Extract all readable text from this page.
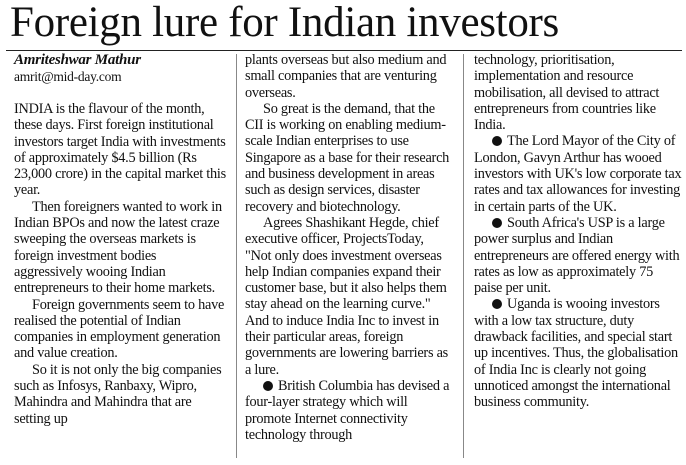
Foreign lure for Indian investors
Amriteshwar Mathur
amrit@mid-day.com

INDIA is the flavour of the month, these days. First foreign institutional investors target India with investments of approximately $4.5 billion (Rs 23,000 crore) in the capital market this year.

Then foreigners wanted to work in Indian BPOs and now the latest craze sweeping the overseas markets is foreign investment bodies aggressively wooing Indian entrepreneurs to their home markets.

Foreign governments seem to have realised the potential of Indian companies in employment generation and value creation.

So it is not only the big companies such as Infosys, Ranbaxy, Wipro, Mahindra and Mahindra that are setting up

plants overseas but also medium and small companies that are venturing overseas.

So great is the demand, that the CII is working on enabling medium-scale Indian enterprises to use Singapore as a base for their research and business development in areas such as design services, disaster recovery and biotechnology.

Agrees Shashikant Hegde, chief executive officer, ProjectsToday, "Not only does investment overseas help Indian companies expand their customer base, but it also helps them stay ahead on the learning curve." And to induce India Inc to invest in their particular areas, foreign governments are lowering barriers as a lure.

British Columbia has devised a four-layer strategy which will promote Internet connectivity technology through

technology, prioritisation, implementation and resource mobilisation, all devised to attract entrepreneurs from countries like India.

The Lord Mayor of the City of London, Gavyn Arthur has wooed investors with UK's low corporate tax rates and tax allowances for investing in certain parts of the UK.

South Africa's USP is a large power surplus and Indian entrepreneurs are offered energy with rates as low as approximately 75 paise per unit.

Uganda is wooing investors with a low tax structure, duty drawback facilities, and special start up incentives. Thus, the globalisation of India Inc is clearly not going unnoticed amongst the international business community.
